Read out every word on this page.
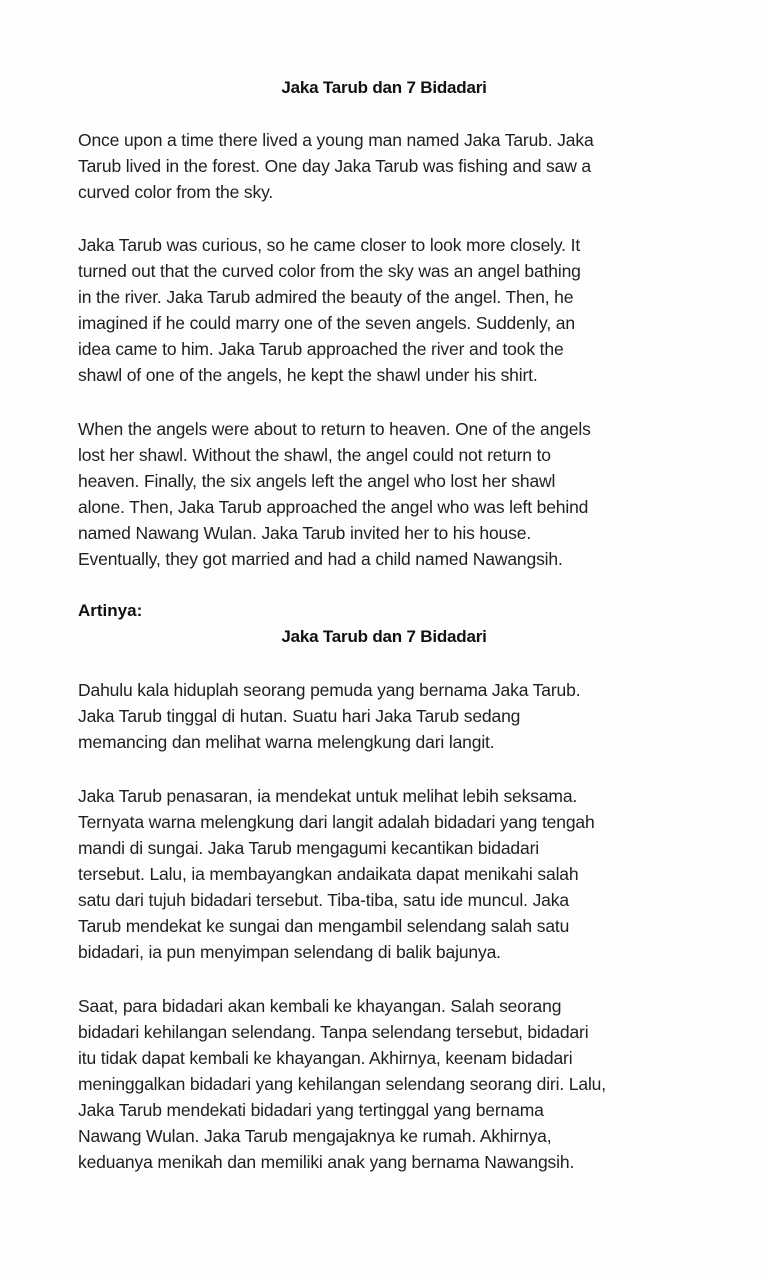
Jaka Tarub dan 7 Bidadari
Once upon a time there lived a young man named Jaka Tarub. Jaka
Tarub lived in the forest. One day Jaka Tarub was fishing and saw a
curved color from the sky.
Jaka Tarub was curious, so he came closer to look more closely. It
turned out that the curved color from the sky was an angel bathing
in the river. Jaka Tarub admired the beauty of the angel. Then, he
imagined if he could marry one of the seven angels. Suddenly, an
idea came to him. Jaka Tarub approached the river and took the
shawl of one of the angels, he kept the shawl under his shirt.
When the angels were about to return to heaven. One of the angels
lost her shawl. Without the shawl, the angel could not return to
heaven. Finally, the six angels left the angel who lost her shawl
alone. Then, Jaka Tarub approached the angel who was left behind
named Nawang Wulan. Jaka Tarub invited her to his house.
Eventually, they got married and had a child named Nawangsih.
Artinya:
Jaka Tarub dan 7 Bidadari
Dahulu kala hiduplah seorang pemuda yang bernama Jaka Tarub.
Jaka Tarub tinggal di hutan. Suatu hari Jaka Tarub sedang
memancing dan melihat warna melengkung dari langit.
Jaka Tarub penasaran, ia mendekat untuk melihat lebih seksama.
Ternyata warna melengkung dari langit adalah bidadari yang tengah
mandi di sungai. Jaka Tarub mengagumi kecantikan bidadari
tersebut. Lalu, ia membayangkan andaikata dapat menikahi salah
satu dari tujuh bidadari tersebut. Tiba-tiba, satu ide muncul. Jaka
Tarub mendekat ke sungai dan mengambil selendang salah satu
bidadari, ia pun menyimpan selendang di balik bajunya.
Saat, para bidadari akan kembali ke khayangan. Salah seorang
bidadari kehilangan selendang. Tanpa selendang tersebut, bidadari
itu tidak dapat kembali ke khayangan. Akhirnya, keenam bidadari
meninggalkan bidadari yang kehilangan selendang seorang diri. Lalu,
Jaka Tarub mendekati bidadari yang tertinggal yang bernama
Nawang Wulan. Jaka Tarub mengajaknya ke rumah. Akhirnya,
keduanya menikah dan memiliki anak yang bernama Nawangsih.
